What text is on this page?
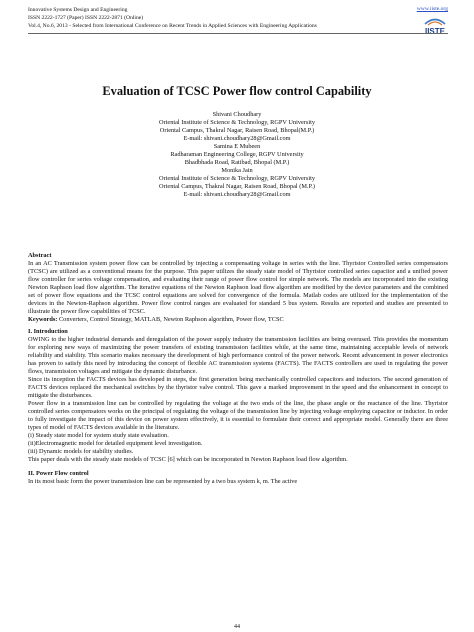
Innovative Systems Design and Engineering	www.iiste.org
ISSN 2222-1727 (Paper) ISSN 2222-2871 (Online)
Vol.4, No.6, 2013 - Selected from International Conference on Recent Trends in Applied Sciences with Engineering Applications
IISTE
Evaluation of TCSC Power flow control Capability
Shivani Choudhary
Oriental Institute of Science & Technology, RGPV University
Oriental Campus, Thakral Nagar, Raisen Road, Bhopal(M.P.)
E-mail: shivani.choudhary28@Gmail.com
Samina E Mubeen
Radharaman Engineering College, RGPV University
Bhadbhada Road, Ratibad, Bhopal (M.P.)
Monika Jain
Oriental Institute of Science & Technology, RGPV University
Oriental Campus, Thakral Nagar, Raisen Road, Bhopal (M.P.)
E-mail: shivani.choudhary28@Gmail.com

Abstract

In an AC Transmission system power flow can be controlled by injecting a compensating voltage in series with the line. Thyristor Controlled series compensators (TCSC) are utilized as a conventional means for the purpose. This paper utilizes the steady state model of Thyristor controlled series capacitor and a unified power flow controller for series voltage compensation, and evaluating their range of power flow control for simple network. The models are incorporated into the existing Newton Raphson load flow algorithm. The iterative equations of the Newton Raphson load flow algorithm are modified by the device parameters and the combined set of power flow equations and the TCSC control equations are solved for convergence of the formula. Matlab codes are utilized for the implementation of the devices in the Newton-Raphson algorithm. Power flow control ranges are evaluated for standard 5 bus system. Results are reported and studies are presented to illustrate the power flow capabilities of TCSC.

Keywords: Converters, Control Strategy, MATLAB, Newton Raphson algorithm, Power flow, TCSC

I. Introduction

OWING to the higher industrial demands and deregulation of the power supply industry the transmission facilities are being overused. This provides the momentum for exploring new ways of maximizing the power transfers of existing transmission facilities while, at the same time, maintaining acceptable levels of network reliability and stability. This scenario makes necessary the development of high performance control of the power network. Recent advancement in power electronics has proven to satisfy this need by introducing the concept of flexible AC transmission systems (FACTS). The FACTS controllers are used in regulating the power flows, transmission voltages and mitigate the dynamic disturbance.

Since its inception the FACTS devices has developed in steps, the first generation being mechanically controlled capacitors and inductors. The second generation of FACTS devices replaced the mechanical switches by the thyristor valve control. This gave a marked improvement in the speed and the enhancement in concept to mitigate the disturbances.

Power flow in a transmission line can be controlled by regulating the voltage at the two ends of the line, the phase angle or the reactance of the line. Thyristor controlled series compensators works on the principal of regulating the voltage of the transmission line by injecting voltage employing capacitor or inductor. In order to fully investigate the impact of this device on power system effectively, it is essential to formulate their correct and appropriate model. Generally there are three types of model of FACTS devices available in the literature.

(i) Steady state model for system study state evaluation.

(ii)Electromagnetic model for detailed equipment level investigation.

(iii) Dynamic models for stability studies.

This paper deals with the steady state models of TCSC [6] which can be incorporated in Newton Raphson load flow algorithm.

II. Power Flow control

In its most basic form the power transmission line can be represented by a two bus system k, m. The active

44
